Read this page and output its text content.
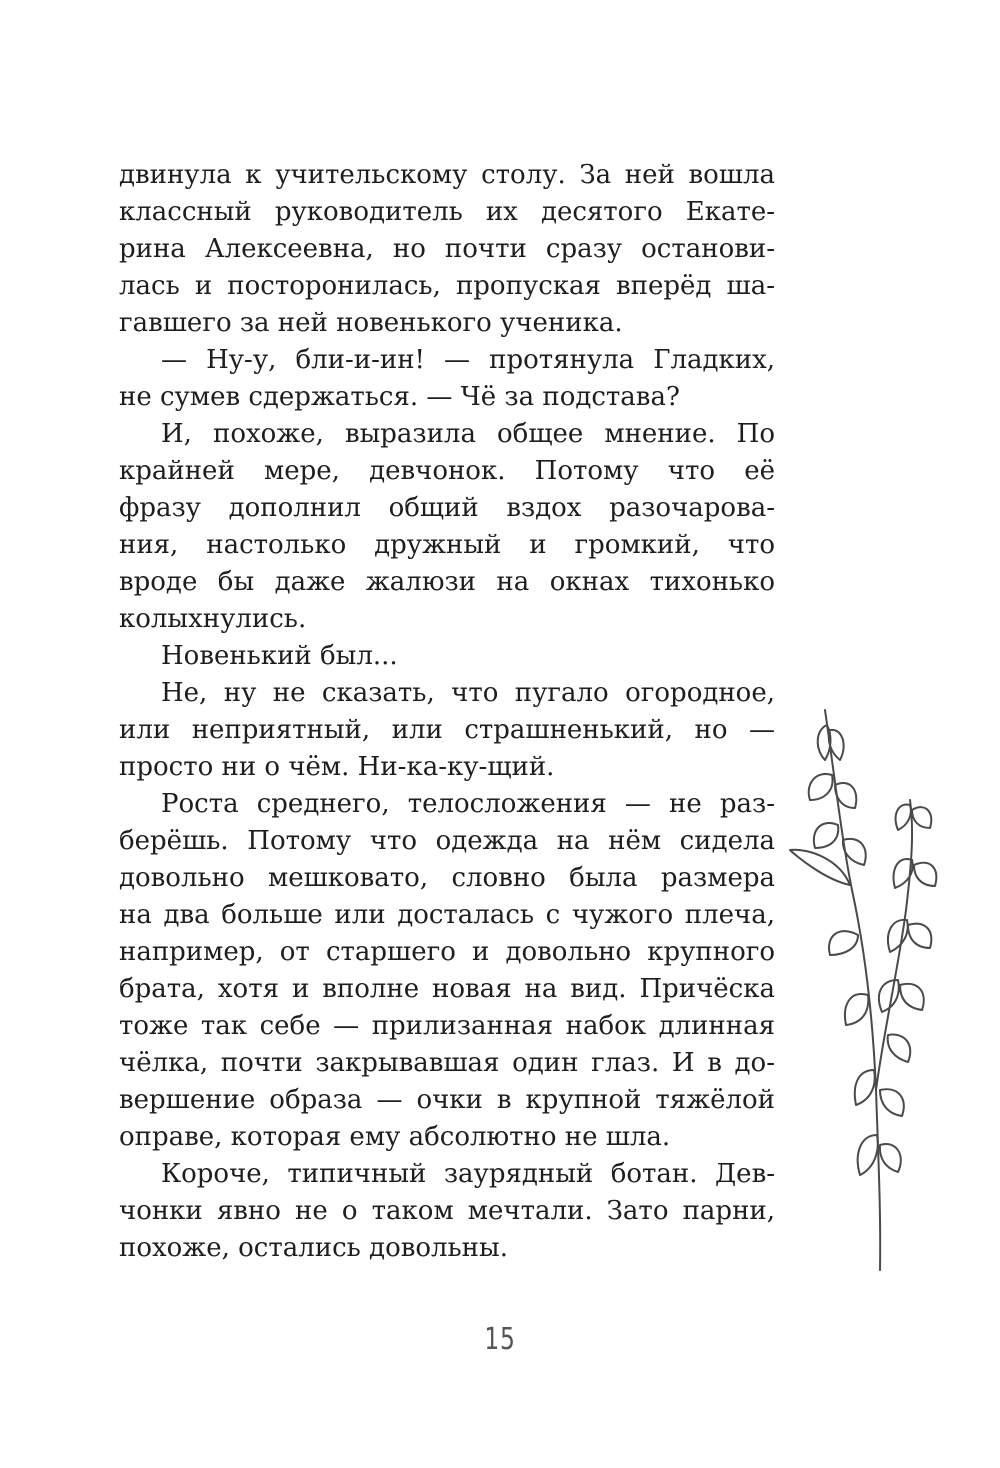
двинула к учительскому столу. За ней вошла
классный руководитель их десятого Екате-
рина Алексеевна, но почти сразу останови-
лась и посторонилась, пропуская вперёд ша-
гавшего за ней новенького ученика.
— Ну-у, бли-и-ин! — протянула Гладких,
не сумев сдержаться. — Чё за подстава?
И, похоже, выразила общее мнение. По
крайней мере, девчонок. Потому что её
фразу дополнил общий вздох разочарова-
ния, настолько дружный и громкий, что
вроде бы даже жалюзи на окнах тихонько
колыхнулись.
Новенький был...
Не, ну не сказать, что пугало огородное,
или неприятный, или страшненький, но —
просто ни о чём. Ни-ка-ку-щий.
Роста среднего, телосложения — не раз-
берёшь. Потому что одежда на нём сидела
довольно мешковато, словно была размера
на два больше или досталась с чужого плеча,
например, от старшего и довольно крупного
брата, хотя и вполне новая на вид. Причёска
тоже так себе — прилизанная набок длинная
чёлка, почти закрывавшая один глаз. И в до-
вершение образа — очки в крупной тяжёлой
оправе, которая ему абсолютно не шла.
Короче, типичный заурядный ботан. Дев-
чонки явно не о таком мечтали. Зато парни,
похоже, остались довольны.
15
